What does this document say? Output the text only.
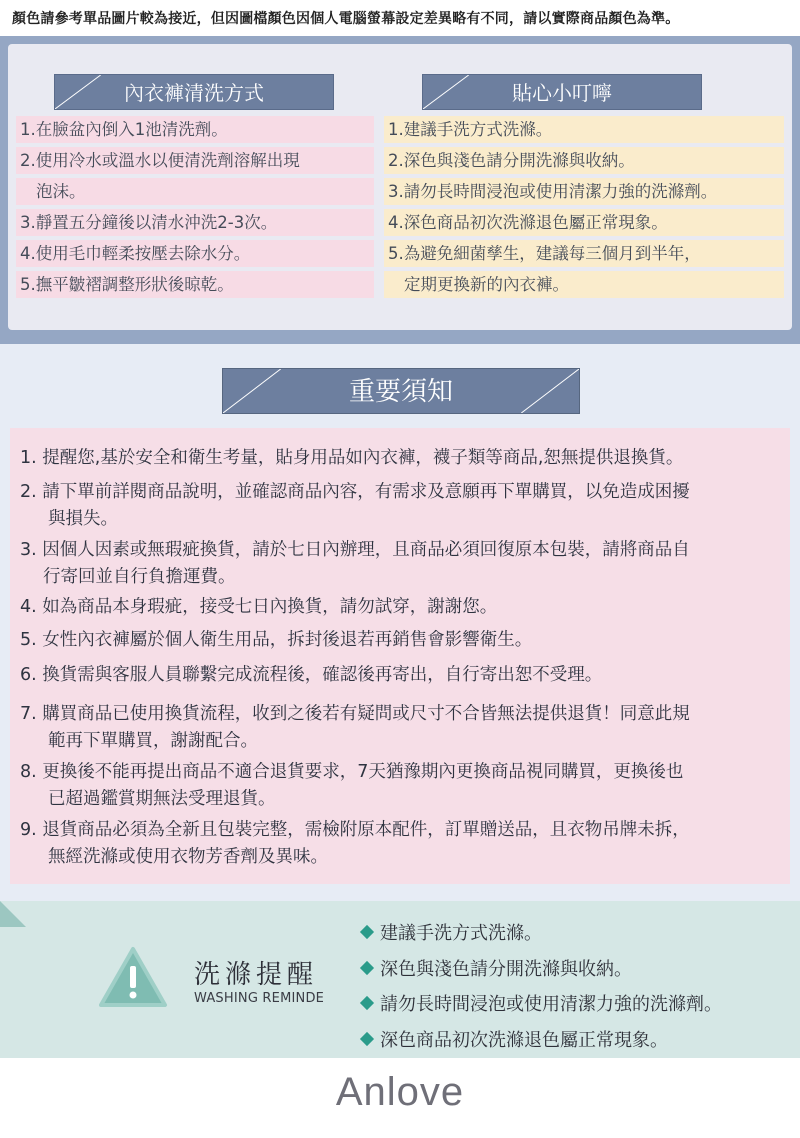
顏色請參考單品圖片較為接近，但因圖檔顏色因個人電腦螢幕設定差異略有不同，請以實際商品顏色為準。
內衣褲清洗方式	貼心小叮嚀
1.在臉盆內倒入1池清洗劑。
2.使用冷水或溫水以便清洗劑溶解出現
泡沫。
3.靜置五分鐘後以清水沖洗2-3次。
4.使用毛巾輕柔按壓去除水分。
5.撫平皺褶調整形狀後晾乾。
1.建議手洗方式洗滌。
2.深色與淺色請分開洗滌與收納。
3.請勿長時間浸泡或使用清潔力強的洗滌劑。
4.深色商品初次洗滌退色屬正常現象。
5.為避免細菌孳生，建議每三個月到半年，
定期更換新的內衣褲。
重要須知
1. 提醒您,基於安全和衛生考量，貼身用品如內衣褲，襪子類等商品,恕無提供退換貨。
2. 請下單前詳閱商品說明，並確認商品內容，有需求及意願再下單購買，以免造成困擾
與損失。
3. 因個人因素或無瑕疵換貨，請於七日內辦理，且商品必須回復原本包裝，請將商品自
行寄回並自行負擔運費。
4. 如為商品本身瑕疵，接受七日內換貨，請勿試穿，謝謝您。
5. 女性內衣褲屬於個人衛生用品，拆封後退若再銷售會影響衛生。
6. 換貨需與客服人員聯繫完成流程後，確認後再寄出，自行寄出恕不受理。
7. 購買商品已使用換貨流程，收到之後若有疑問或尺寸不合皆無法提供退貨！同意此規
範再下單購買，謝謝配合。
8. 更換後不能再提出商品不適合退貨要求，7天猶豫期內更換商品視同購買，更換後也
已超過鑑賞期無法受理退貨。
9. 退貨商品必須為全新且包裝完整，需檢附原本配件，訂單贈送品，且衣物吊牌未拆，
無經洗滌或使用衣物芳香劑及異味。
洗滌提醒
WASHING REMINDE
建議手洗方式洗滌。
深色與淺色請分開洗滌與收納。
請勿長時間浸泡或使用清潔力強的洗滌劑。
深色商品初次洗滌退色屬正常現象。
Anlove
